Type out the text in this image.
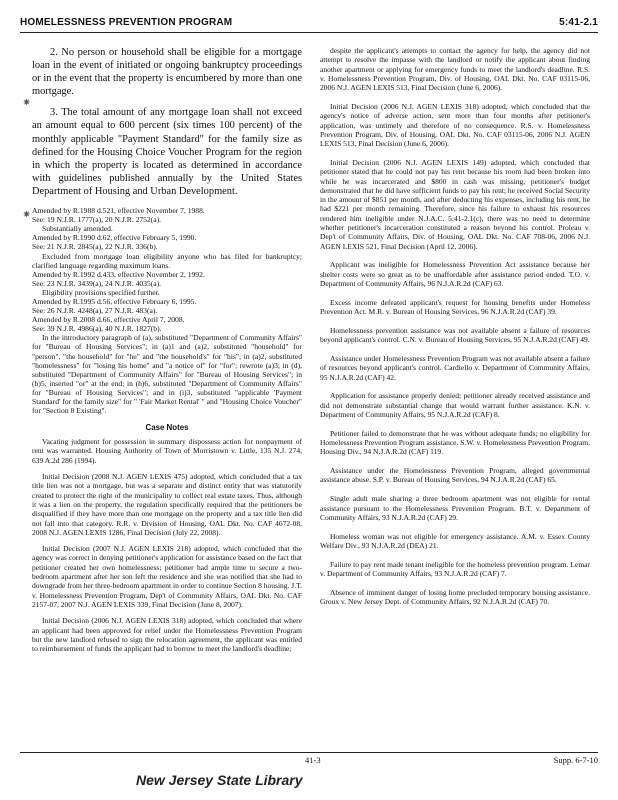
HOMELESSNESS PREVENTION PROGRAM	5:41-2.1
⁕
⁕

2. No person or household shall be eligible for a mortgage loan in the event of initiated or ongoing bankruptcy proceedings or in the event that the property is encumbered by more than one mortgage.

3. The total amount of any mortgage loan shall not exceed an amount equal to 600 percent (six times 100 percent) of the monthly applicable "Payment Standard" for the family size as defined for the Housing Choice Voucher Program for the region in which the property is located as determined in accordance with guidelines published annually by the United States Department of Housing and Urban Development.

Amended by R.1988 d.521, effective November 7, 1988.
See: 19 N.J.R. 1777(a), 20 N.J.R. 2752(a).
Substantially amended.
Amended by R.1990 d.62, effective February 5, 1990.
See: 21 N.J.R. 2845(a), 22 N.J.R. 336(b).
Excluded from mortgage loan eligibility anyone who has filed for bankruptcy; clarified language regarding maximum loans.
Amended by R.1992 d.433, effective November 2, 1992.
See: 23 N.J.R. 3439(a), 24 N.J.R. 4035(a).
Eligibility provisions specified further.
Amended by R.1995 d.56, effective February 6, 1995.
See: 26 N.J.R. 4248(a), 27 N.J.R. 483(a).
Amended by R.2008 d.66, effective April 7, 2008.
See: 39 N.J.R. 4986(a), 40 N.J.R. 1827(b).
In the introductory paragraph of (a), substituted "Department of Community Affairs" for "Bureau of Housing Services"; in (a)1 and (a)2, substituted "household" for "person", "the household" for "he" and "the household's" for "his"; in (a)2, substituted "homelessness" for "losing his home" and "a notice of" for "for"; rewrote (a)3; in (d), substituted "Department of Community Affairs" for "Bureau of Housing Services"; in (h)5, inserted "or" at the end; in (h)6, substituted "Department of Community Affairs" for "Bureau of Housing Services"; and in (i)3, substituted "applicable 'Payment Standard' for the family size" for " 'Fair Market Rental' " and "Housing Choice Voucher" for "Section 8 Existing".
Case Notes

Vacating judgment for possession in summary dispossess action for nonpayment of rent was warranted. Housing Authority of Town of Morristown v. Little, 135 N.J. 274, 639 A.2d 286 (1994).

Initial Decision (2008 N.J. AGEN LEXIS 475) adopted, which concluded that a tax title lien was not a mortgage, but was a separate and distinct entity that was statutorily created to protect the right of the municipality to collect real estate taxes. Thus, although it was a lien on the property, the regulation specifically required that the petitioners be disqualified if they have more than one mortgage on the property and a tax title lien did not fall into that category. R.R. v. Division of Housing, OAL Dkt. No. CAF 4672-08, 2008 N.J. AGEN LEXIS 1286, Final Decision (July 22, 2008).

Initial Decision (2007 N.J. AGEN LEXIS 218) adopted, which concluded that the agency was correct in denying petitioner's application for assistance based on the fact that petitioner created her own homelessness; petitioner had ample time to secure a two-bedroom apartment after her son left the residence and she was notified that she had to downgrade from her three-bedroom apartment in order to continue Section 8 housing. J.T. v. Homelessness Prevention Program, Dep't of Community Affairs, OAL Dkt. No. CAF 2157-07, 2007 N.J. AGEN LEXIS 339, Final Decision (June 8, 2007).

Initial Decision (2006 N.J. AGEN LEXIS 318) adopted, which concluded that where an applicant had been approved for relief under the Homelessness Prevention Program but the new landlord refused to sign the relocation agreement, the applicant was entitled to reimbursement of funds the applicant had to borrow to meet the landlord's deadline;

despite the applicant's attempts to contact the agency for help, the agency did not attempt to resolve the impasse with the landlord or notify the applicant about finding another apartment or applying for emergency funds to meet the landlord's deadline. R.S. v. Homelessness Prevention Program, Div. of Housing, OAL Dkt. No. CAF 03115-06, 2006 N.J. AGEN LEXIS 513, Final Decision (June 6, 2006).

Initial Decision (2006 N.J. AGEN LEXIS 318) adopted, which concluded that the agency's notice of adverse action, sent more than four months after petitioner's application, was untimely and therefore of no consequence. R.S. v. Homelessness Prevention Program, Div. of Housing, OAL Dkt. No. CAF 03115-06, 2006 N.J. AGEN LEXIS 513, Final Decision (June 6, 2006).

Initial Decision (2006 N.J. AGEN LEXIS 149) adopted, which concluded that petitioner stated that he could not pay his rent because his room had been broken into while he was incarcerated and $800 in cash was missing, petitioner's budget demonstrated that he did have sufficient funds to pay his rent; he received Social Security in the amount of $851 per month, and after deducting his expenses, including his rent, he had $221 per month remaining. Therefore, since his failure to exhaust his resources rendered him ineligible under N.J.A.C. 5:41-2.1(c), there was no need to determine whether petitioner's incarceration constituted a reason beyond his control. Proleau v. Dep't of Community Affairs, Div. of Housing, OAL Dkt. No. CAF 708-06, 2006 N.J. AGEN LEXIS 521, Final Decision (April 12, 2006).

Applicant was ineligible for Homelessness Prevention Act assistance because her shelter costs were so great as to be unaffordable after assistance period ended. T.O. v. Department of Community Affairs, 96 N.J.A.R.2d (CAF) 63.

Excess income defeated applicant's request for housing benefits under Homeless Prevention Act. M.R. v. Bureau of Housing Services, 96 N.J.A.R.2d (CAF) 39.

Homelessness prevention assistance was not available absent a failure of resources beyond applicant's control. C.N. v. Bureau of Housing Services, 95 N.J.A.R.2d (CAF) 49.

Assistance under Homelessness Prevention Program was not available absent a failure of resources beyond applicant's control. Cardiello v. Department of Community Affairs, 95 N.J.A.R.2d (CAF) 42.

Application for assistance properly denied; petitioner already received assistance and did not demonstrate substantial change that would warrant further assistance. K.N. v. Department of Community Affairs, 95 N.J.A.R.2d (CAF) 8.

Petitioner failed to demonstrate that he was without adequate funds; no eligibility for Homelessness Prevention Program assistance. S.W. v. Homelessness Prevention Program, Housing Div., 94 N.J.A.R.2d (CAF) 119.

Assistance under the Homelessness Prevention Program, alleged governmental assistance abuse. S.P. v. Bureau of Housing Services, 94 N.J.A.R.2d (CAF) 65.

Single adult male sharing a three bedroom apartment was not eligible for rental assistance pursuant to the Homelessness Prevention Program. B.T. v. Department of Community Affairs, 93 N.J.A.R.2d (CAF) 29.

Homeless woman was not eligible for emergency assistance. A.M. v. Essex County Welfare Div., 93 N.J.A.R.2d (DEA) 21.

Failure to pay rent made tenant ineligible for the homeless prevention program. Lemar v. Department of Community Affairs, 93 N.J.A.R.2d (CAF) 7.

Absence of imminent danger of losing home precluded temporary housing assistance. Groux v. New Jersey Dept. of Community Affairs, 92 N.J.A.R.2d (CAF) 70.

41-3	Supp. 6-7-10
New Jersey State Library
